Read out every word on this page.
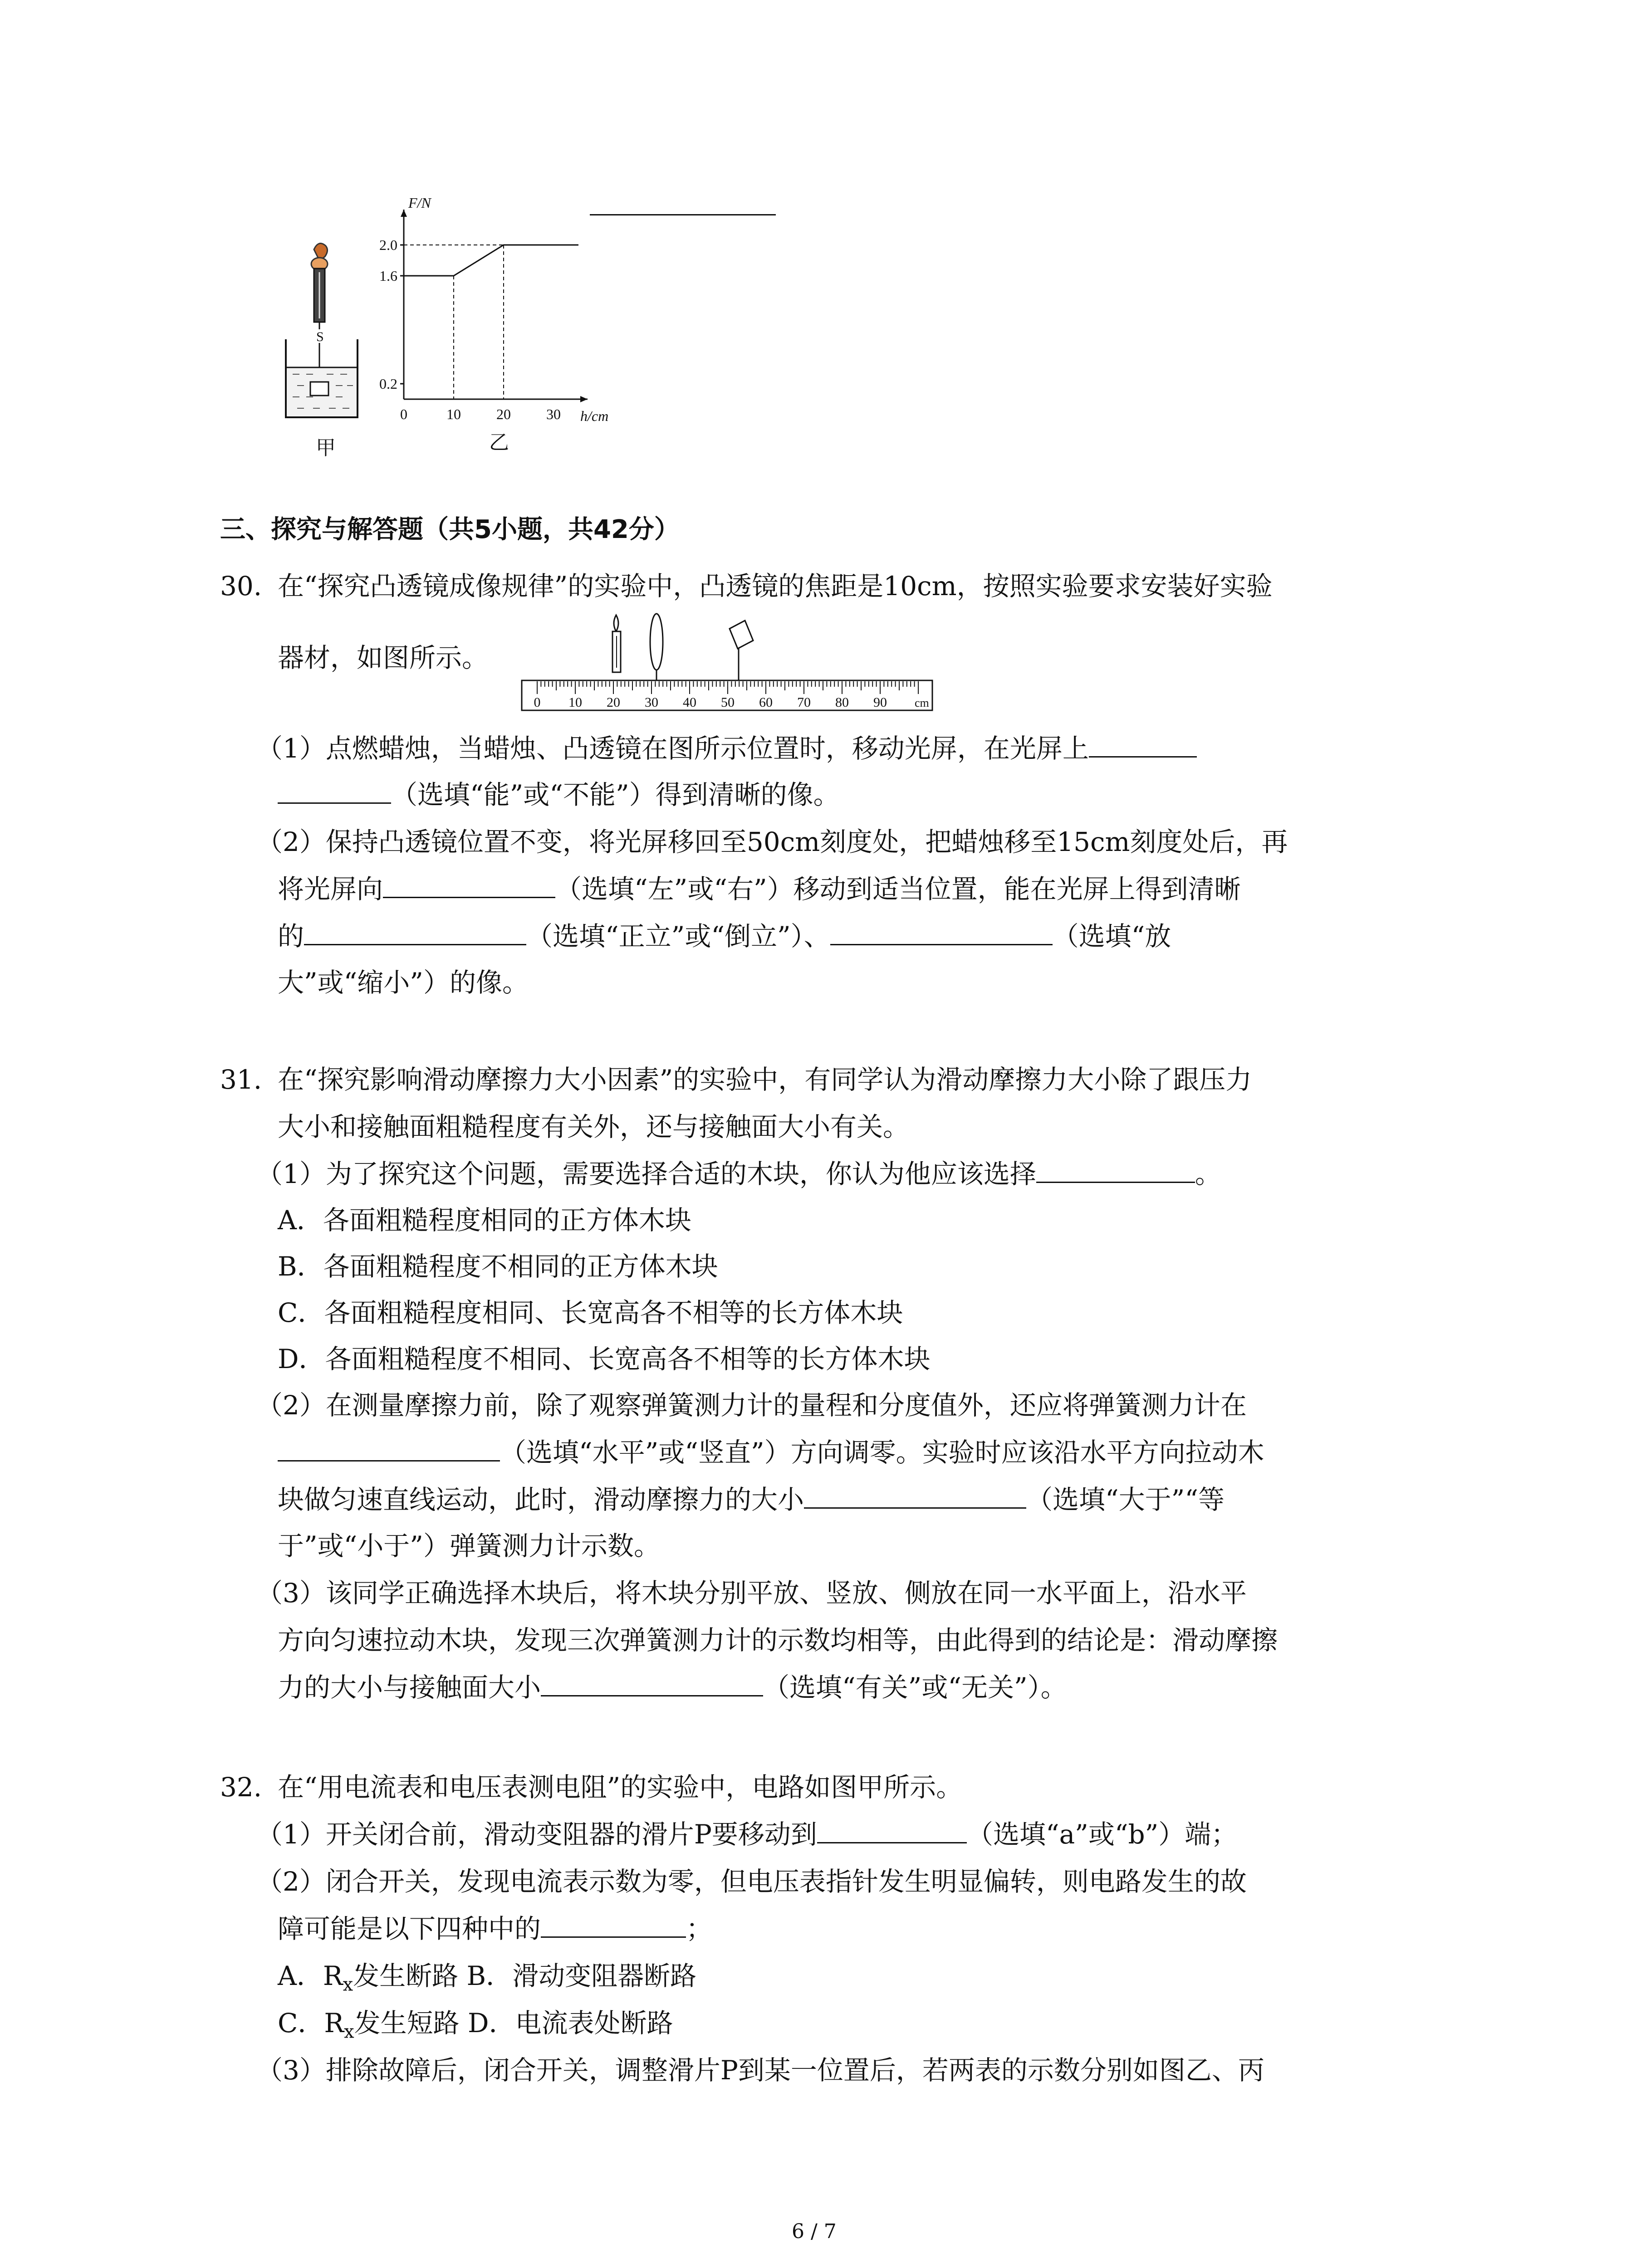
S
甲
h/cm
F/N
0	10 20 30
0.2
1.6
2.0
乙
三、探究与解答题（共5小题，共42分）
30. 在“探究凸透镜成像规律”的实验中，凸透镜的焦距是10cm，按照实验要求安装好实验
器材，如图所示。
0 10 20 30 40 50 60 70 80 90 cm
（1）点燃蜡烛，当蜡烛、凸透镜在图所示位置时，移动光屏，在光屏上
（选填“能”或“不能”）得到清晰的像。
（2）保持凸透镜位置不变，将光屏移回至50cm刻度处，把蜡烛移至15cm刻度处后，再
将光屏向	（选填“左”或“右”）移动到适当位置，能在光屏上得到清晰
的	（选填“正立”或“倒立”）、	（选填“放
大”或“缩小”）的像。
31. 在“探究影响滑动摩擦力大小因素”的实验中，有同学认为滑动摩擦力大小除了跟压力
大小和接触面粗糙程度有关外，还与接触面大小有关。
（1）为了探究这个问题，需要选择合适的木块，你认为他应该选择	。
A．各面粗糙程度相同的正方体木块
B．各面粗糙程度不相同的正方体木块
C．各面粗糙程度相同、长宽高各不相等的长方体木块
D．各面粗糙程度不相同、长宽高各不相等的长方体木块
（2）在测量摩擦力前，除了观察弹簧测力计的量程和分度值外，还应将弹簧测力计在
（选填“水平”或“竖直”）方向调零。实验时应该沿水平方向拉动木
块做匀速直线运动，此时，滑动摩擦力的大小	（选填“大于”“等
于”或“小于”）弹簧测力计示数。
（3）该同学正确选择木块后，将木块分别平放、竖放、侧放在同一水平面上，沿水平
方向匀速拉动木块，发现三次弹簧测力计的示数均相等，由此得到的结论是：滑动摩擦
力的大小与接触面大小	（选填“有关”或“无关”）。
32. 在“用电流表和电压表测电阻”的实验中，电路如图甲所示。
（1）开关闭合前，滑动变阻器的滑片P要移动到	（选填“a”或“b”）端；
（2）闭合开关，发现电流表示数为零，但电压表指针发生明显偏转，则电路发生的故
障可能是以下四种中的	；
A．$R_x$发生断路 B．滑动变阻器断路
C．$R_x$发生短路 D．电流表处断路
（3）排除故障后，闭合开关，调整滑片P到某一位置后，若两表的示数分别如图乙、丙
6 / 7
